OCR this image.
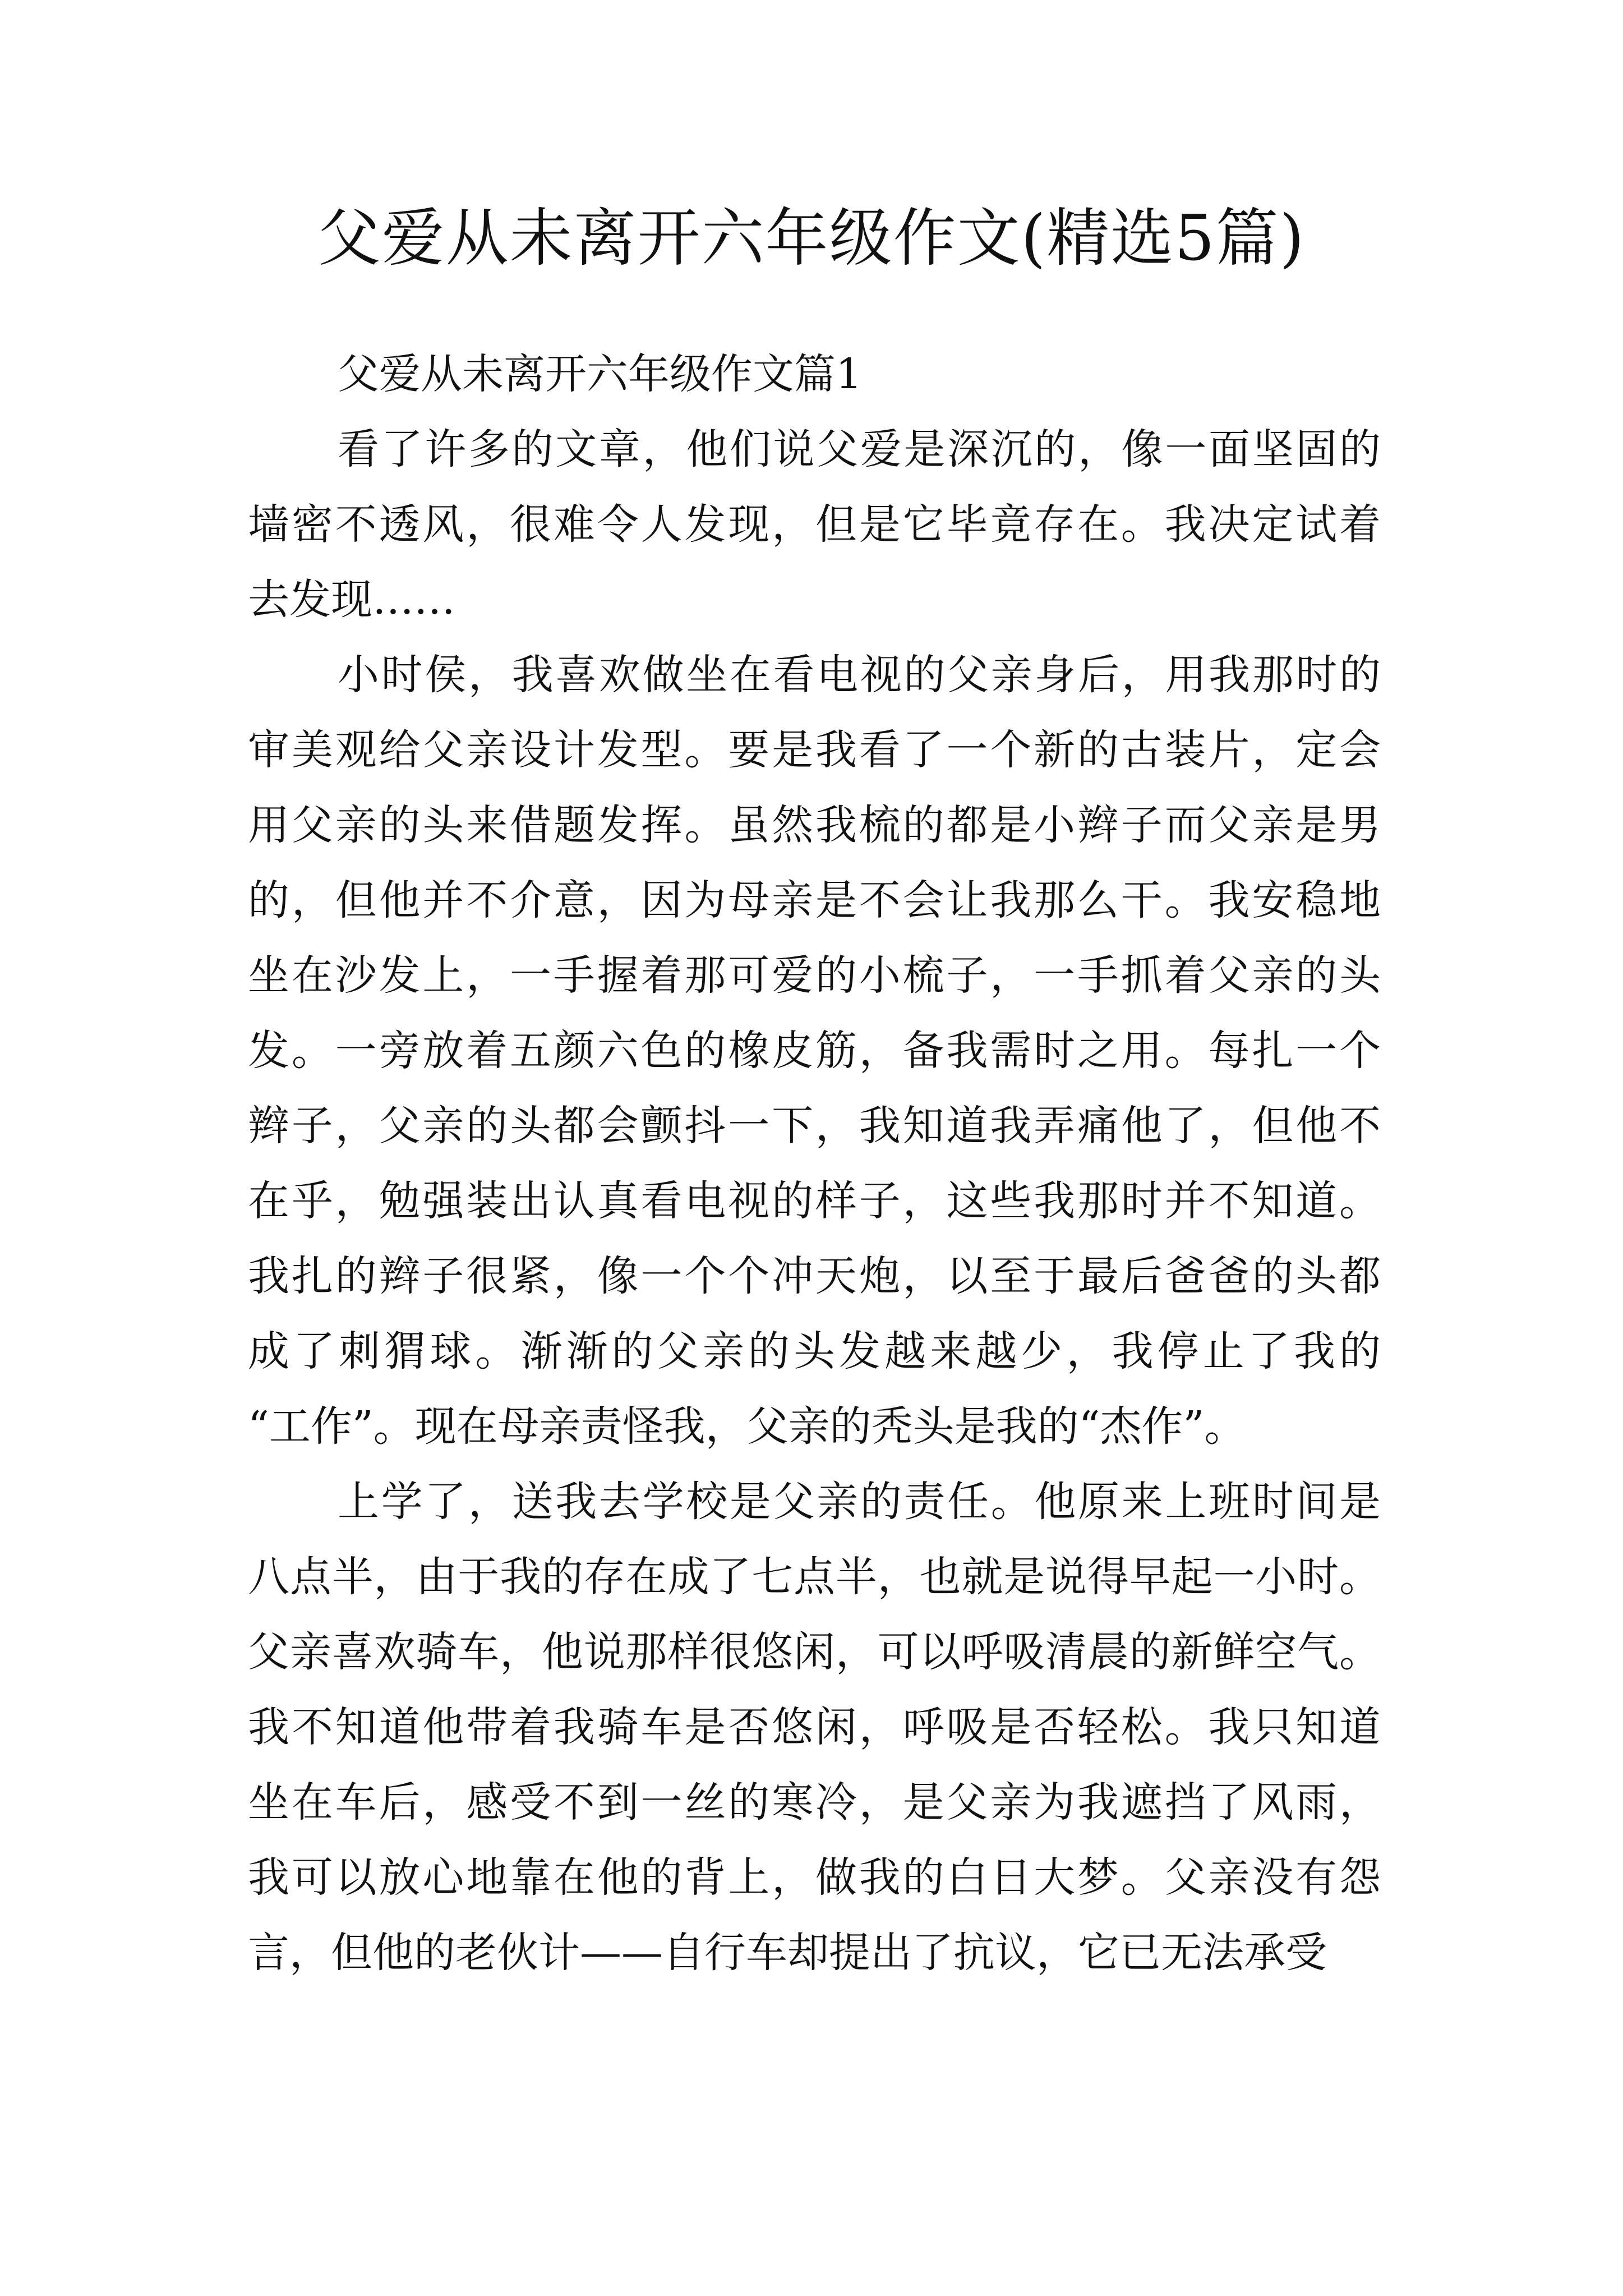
父爱从未离开六年级作文(精选5篇)
父爱从未离开六年级作文篇1

看了许多的文章，他们说父爱是深沉的，像一面坚固的
墙密不透风，很难令人发现，但是它毕竟存在。我决定试着
去发现……

小时侯，我喜欢做坐在看电视的父亲身后，用我那时的
审美观给父亲设计发型。要是我看了一个新的古装片，定会
用父亲的头来借题发挥。虽然我梳的都是小辫子而父亲是男
的，但他并不介意，因为母亲是不会让我那么干。我安稳地
坐在沙发上，一手握着那可爱的小梳子，一手抓着父亲的头
发。一旁放着五颜六色的橡皮筋，备我需时之用。每扎一个
辫子，父亲的头都会颤抖一下，我知道我弄痛他了，但他不
在乎，勉强装出认真看电视的样子，这些我那时并不知道。
我扎的辫子很紧，像一个个冲天炮，以至于最后爸爸的头都
成了刺猬球。渐渐的父亲的头发越来越少，我停止了我的
“工作”。现在母亲责怪我，父亲的秃头是我的“杰作”。

上学了，送我去学校是父亲的责任。他原来上班时间是
八点半，由于我的存在成了七点半，也就是说得早起一小时。
父亲喜欢骑车，他说那样很悠闲，可以呼吸清晨的新鲜空气。
我不知道他带着我骑车是否悠闲，呼吸是否轻松。我只知道
坐在车后，感受不到一丝的寒冷，是父亲为我遮挡了风雨，
我可以放心地靠在他的背上，做我的白日大梦。父亲没有怨
言，但他的老伙计——自行车却提出了抗议，它已无法承受
